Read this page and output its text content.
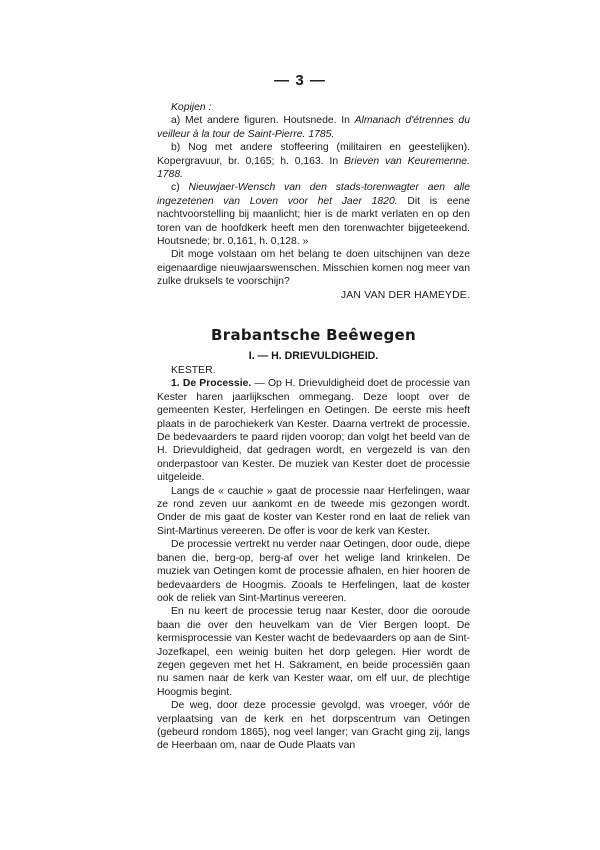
— 3 —

Kopijen :

a) Met andere figuren. Houtsnede. In Almanach d'étrennes du veilleur à la tour de Saint-Pierre. 1785.

b) Nog met andere stoffeering (militairen en geestelijken). Kopergravuur, br. 0,165; h. 0,163. In Brieven van Keuremenne. 1788.

c) Nieuwjaer-Wensch van den stads-torenwagter aen alle ingezetenen van Loven voor het Jaer 1820. Dit is eene nachtvoorstelling bij maanlicht; hier is de markt verlaten en op den toren van de hoofdkerk heeft men den torenwachter bijgeteekend. Houtsnede; br. 0,161, h. 0,128. »

Dit moge volstaan om het belang te doen uitschijnen van deze eigenaardige nieuwjaarswenschen. Misschien komen nog meer van zulke druksels te voorschijn?

JAN VAN DER HAMEYDE.

Brabantsche Beêwegen
I. — H. DRIEVULDIGHEID.

KESTER.

1. De Processie. — Op H. Drievuldigheid doet de processie van Kester haren jaarlijkschen ommegang. Deze loopt over de gemeenten Kester, Herfelingen en Oetingen. De eerste mis heeft plaats in de parochiekerk van Kester. Daarna vertrekt de processie. De bedevaarders te paard rijden voorop; dan volgt het beeld van de H. Drievuldigheid, dat gedragen wordt, en vergezeld is van den onderpastoor van Kester. De muziek van Kester doet de processie uitgeleide.

Langs de « cauchie » gaat de processie naar Herfelingen, waar ze rond zeven uur aankomt en de tweede mis gezongen wordt. Onder de mis gaat de koster van Kester rond en laat de reliek van Sint-Martinus vereeren. De offer is voor de kerk van Kester.

De processie vertrekt nu verder naar Oetingen, door oude, diepe banen die, berg-op, berg-af over het welige land krinkelen. De muziek van Oetingen komt de processie afhalen, en hier hooren de bedevaarders de Hoogmis. Zooals te Herfelingen, laat de koster ook de reliek van Sint-Martinus vereeren.

En nu keert de processie terug naar Kester, door die ooroude baan die over den heuvelkam van de Vier Bergen loopt. De kermisprocessie van Kester wacht de bedevaarders op aan de Sint-Jozefkapel, een weinig buiten het dorp gelegen. Hier wordt de zegen gegeven met het H. Sakrament, en beide processiën gaan nu samen naar de kerk van Kester waar, om elf uur, de plechtige Hoogmis begint.

De weg, door deze processie gevolgd, was vroeger, vóór de verplaatsing van de kerk en het dorpscentrum van Oetingen (gebeurd rondom 1865), nog veel langer; van Gracht ging zij, langs de Heerbaan om, naar de Oude Plaats van
